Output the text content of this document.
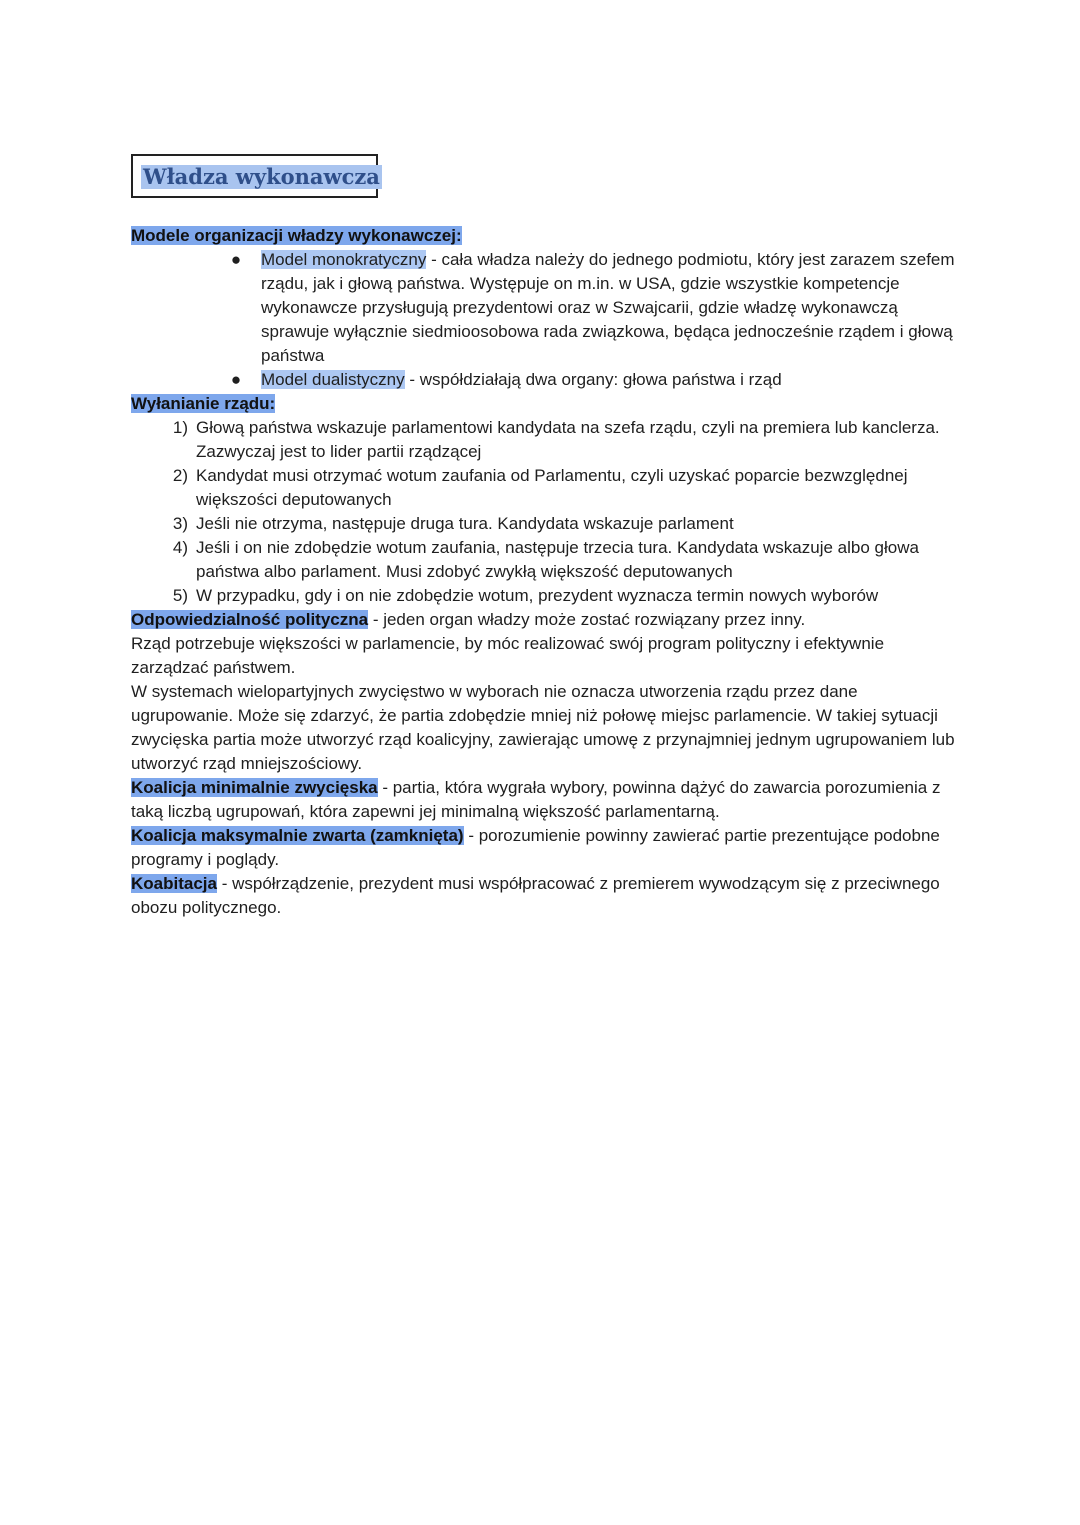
Władza wykonawcza

Modele organizacji władzy wykonawczej:

● Model monokratyczny - cała władza należy do jednego podmiotu, który jest zarazem szefem rządu, jak i głową państwa. Występuje on m.in. w USA, gdzie wszystkie kompetencje wykonawcze przysługują prezydentowi oraz w Szwajcarii, gdzie władzę wykonawczą sprawuje wyłącznie siedmioosobowa rada związkowa, będąca jednocześnie rządem i głową państwa
● Model dualistyczny - współdziałają dwa organy: głowa państwa i rząd

Wyłanianie rządu:

1) Głową państwa wskazuje parlamentowi kandydata na szefa rządu, czyli na premiera lub kanclerza. Zazwyczaj jest to lider partii rządzącej
2) Kandydat musi otrzymać wotum zaufania od Parlamentu, czyli uzyskać poparcie bezwzględnej większości deputowanych
3) Jeśli nie otrzyma, następuje druga tura. Kandydata wskazuje parlament
4) Jeśli i on nie zdobędzie wotum zaufania, następuje trzecia tura. Kandydata wskazuje albo głowa państwa albo parlament. Musi zdobyć zwykłą większość deputowanych
5) W przypadku, gdy i on nie zdobędzie wotum, prezydent wyznacza termin nowych wyborów

Odpowiedzialność polityczna - jeden organ władzy może zostać rozwiązany przez inny.

Rząd potrzebuje większości w parlamencie, by móc realizować swój program polityczny i efektywnie zarządzać państwem.

W systemach wielopartyjnych zwycięstwo w wyborach nie oznacza utworzenia rządu przez dane ugrupowanie. Może się zdarzyć, że partia zdobędzie mniej niż połowę miejsc parlamencie. W takiej sytuacji zwycięska partia może utworzyć rząd koalicyjny, zawierając umowę z przynajmniej jednym ugrupowaniem lub utworzyć rząd mniejszościowy.

Koalicja minimalnie zwycięska - partia, która wygrała wybory, powinna dążyć do zawarcia porozumienia z taką liczbą ugrupowań, która zapewni jej minimalną większość parlamentarną.

Koalicja maksymalnie zwarta (zamknięta) - porozumienie powinny zawierać partie prezentujące podobne programy i poglądy.

Koabitacja - współrządzenie, prezydent musi współpracować z premierem wywodzącym się z przeciwnego obozu politycznego.
